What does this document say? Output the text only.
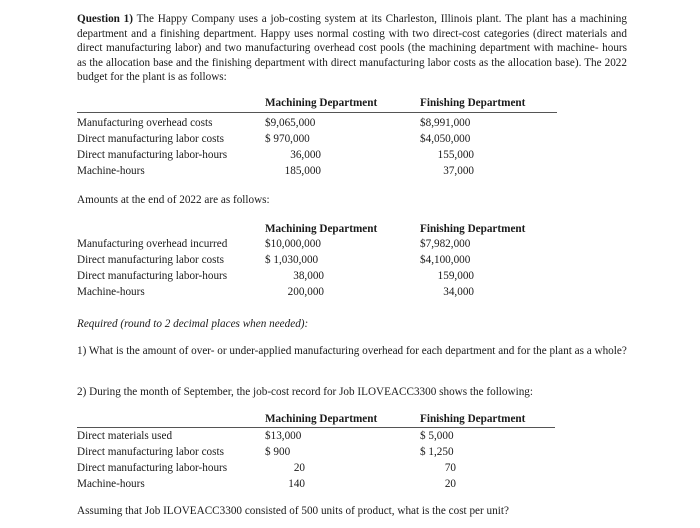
Question 1) The Happy Company uses a job-costing system at its Charleston, Illinois plant. The plant has a machining department and a finishing department. Happy uses normal costing with two direct-cost categories (direct materials and direct manufacturing labor) and two manufacturing overhead cost pools (the machining department with machine- hours as the allocation base and the finishing department with direct manufacturing labor costs as the allocation base). The 2022 budget for the plant is as follows:
Machining Department	Finishing Department
Manufacturing overhead costs	$9,065,000	$8,991,000
Direct manufacturing labor costs	$ 970,000	$4,050,000
Direct manufacturing labor-hours	36,000	155,000
Machine-hours	185,000	37,000
Amounts at the end of 2022 are as follows:
Machining Department	Finishing Department
Manufacturing overhead incurred	$10,000,000	$7,982,000
Direct manufacturing labor costs	$ 1,030,000	$4,100,000
Direct manufacturing labor-hours	38,000	159,000
Machine-hours	200,000	34,000
Required (round to 2 decimal places when needed):
1) What is the amount of over- or under-applied manufacturing overhead for each department and for the plant as a whole?
2) During the month of September, the job-cost record for Job ILOVEACC3300 shows the following:
Machining Department	Finishing Department
Direct materials used	$13,000	$ 5,000
Direct manufacturing labor costs	$ 900	$ 1,250
Direct manufacturing labor-hours	20	70
Machine-hours	140	20
Assuming that Job ILOVEACC3300 consisted of 500 units of product, what is the cost per unit?
